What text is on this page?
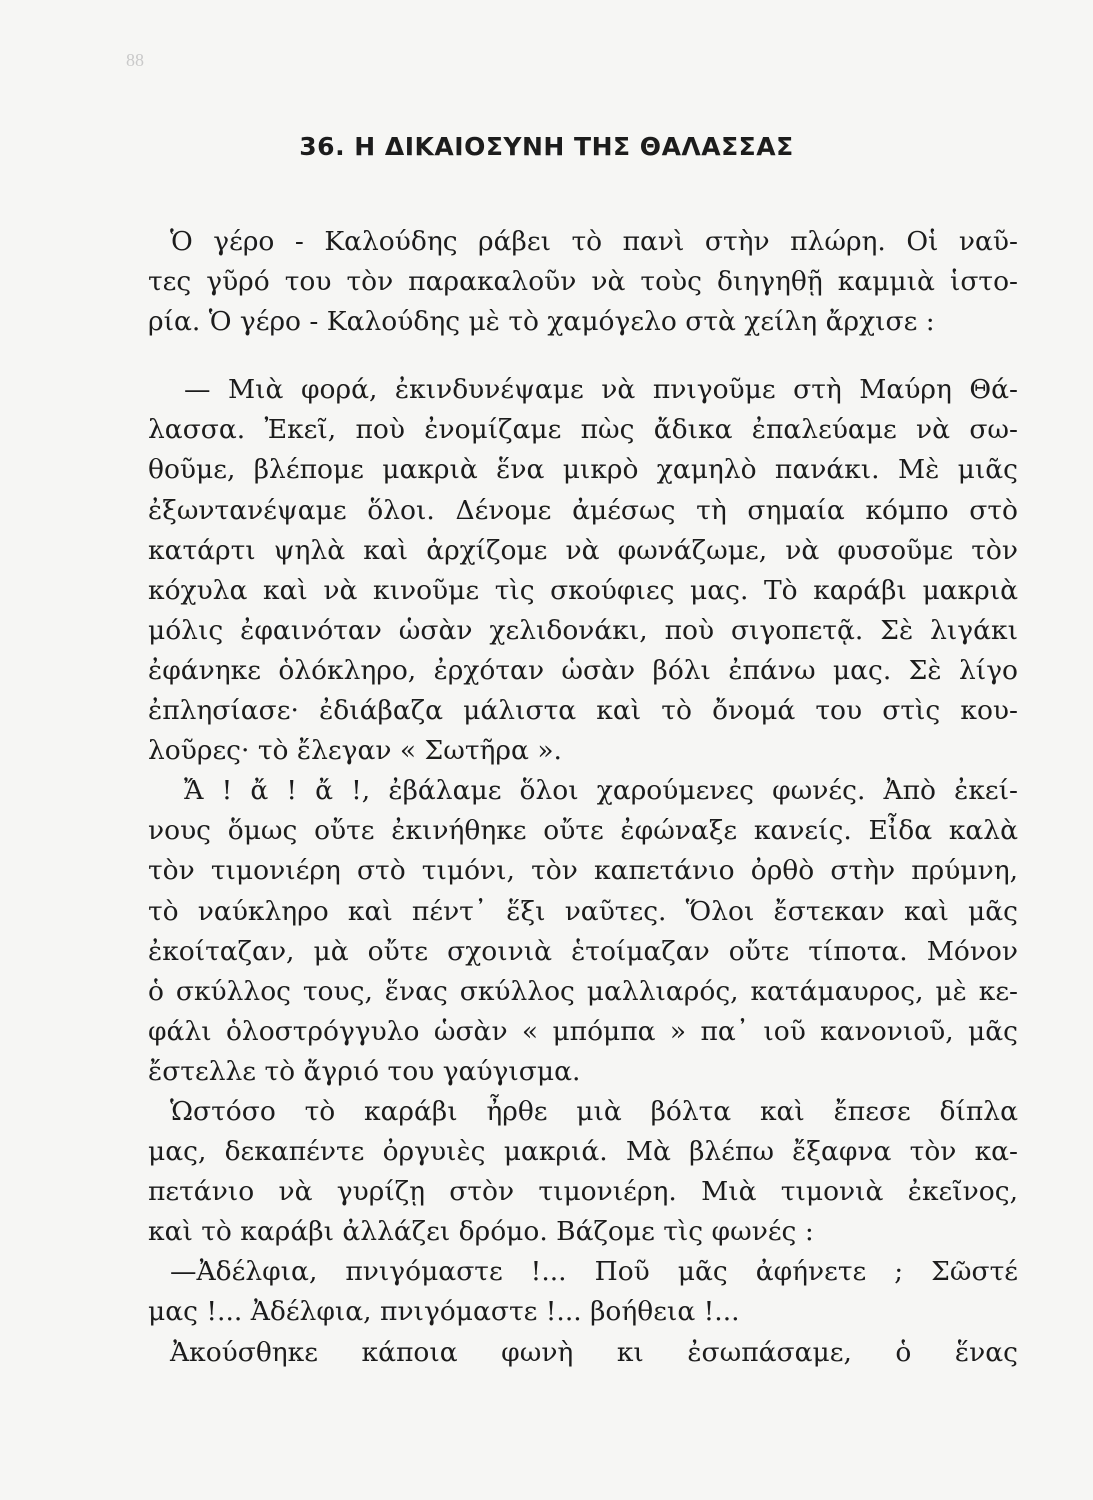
88
36. Η ΔΙΚΑΙΟΣΥΝΗ ΤΗΣ ΘΑΛΑΣΣΑΣ
Ὁ γέρο - Καλούδης ράβει τὸ πανὶ στὴν πλώρη. Οἱ ναῦ-
τες γῦρό του τὸν παρακαλοῦν νὰ τοὺς διηγηθῇ καμμιὰ ἱστο-
ρία. Ὁ γέρο - Καλούδης μὲ τὸ χαμόγελο στὰ χείλη ἄρχισε :
— Μιὰ φορά, ἐκινδυνέψαμε νὰ πνιγοῦμε στὴ Μαύρη Θά-
λασσα. Ἐκεῖ, ποὺ ἐνομίζαμε πὼς ἄδικα ἐπαλεύαμε νὰ σω-
θοῦμε, βλέπομε μακριὰ ἕνα μικρὸ χαμηλὸ πανάκι. Μὲ μιᾶς
ἐξωντανέψαμε ὅλοι. Δένομε ἀμέσως τὴ σημαία κόμπο στὸ
κατάρτι ψηλὰ καὶ ἀρχίζομε νὰ φωνάζωμε, νὰ φυσοῦμε τὸν
κόχυλα καὶ νὰ κινοῦμε τὶς σκούφιες μας. Τὸ καράβι μακριὰ
μόλις ἐφαινόταν ὡσὰν χελιδονάκι, ποὺ σιγοπετᾷ. Σὲ λιγάκι
ἐφάνηκε ὁλόκληρο, ἐρχόταν ὡσὰν βόλι ἐπάνω μας. Σὲ λίγο
ἐπλησίασε· ἐδιάβαζα μάλιστα καὶ τὸ ὄνομά του στὶς κου-
λοῦρες· τὸ ἔλεγαν « Σωτῆρα ».
Ἄ ! ἄ ! ἄ !, ἐβάλαμε ὅλοι χαρούμενες φωνές. Ἀπὸ ἐκεί-
νους ὅμως οὔτε ἐκινήθηκε οὔτε ἐφώναξε κανείς. Εἶδα καλὰ
τὸν τιμονιέρη στὸ τιμόνι, τὸν καπετάνιο ὀρθὸ στὴν πρύμνη,
τὸ ναύκληρο καὶ πέντ᾽ ἕξι ναῦτες. Ὅλοι ἔστεκαν καὶ μᾶς
ἐκοίταζαν, μὰ οὔτε σχοινιὰ ἑτοίμαζαν οὔτε τίποτα. Μόνον
ὁ σκύλλος τους, ἕνας σκύλλος μαλλιαρός, κατάμαυρος, μὲ κε-
φάλι ὁλοστρόγγυλο ὡσὰν « μπόμπα » πα᾽ ιοῦ κανονιοῦ, μᾶς
ἔστελλε τὸ ἄγριό του γαύγισμα.
Ὡστόσο τὸ καράβι ἦρθε μιὰ βόλτα καὶ ἔπεσε δίπλα
μας, δεκαπέντε ὀργυιὲς μακριά. Μὰ βλέπω ἔξαφνα τὸν κα-
πετάνιο νὰ γυρίζῃ στὸν τιμονιέρη. Μιὰ τιμονιὰ ἐκεῖνος,
καὶ τὸ καράβι ἀλλάζει δρόμο. Βάζομε τὶς φωνές :
—Ἀδέλφια, πνιγόμαστε !... Ποῦ μᾶς ἀφήνετε ; Σῶστέ
μας !... Ἀδέλφια, πνιγόμαστε !... βοήθεια !...
Ἀκούσθηκε κάποια φωνὴ κι ἐσωπάσαμε, ὁ ἕνας
